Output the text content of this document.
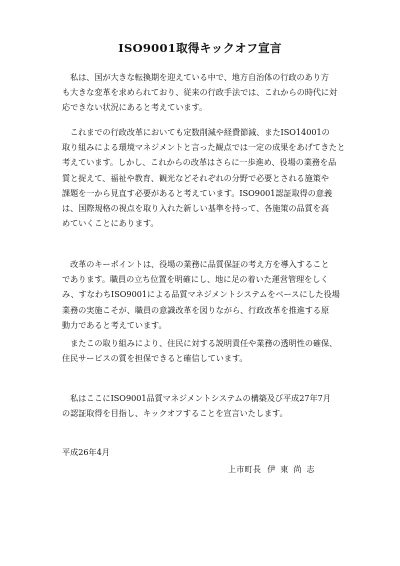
ISO9001取得キックオフ宣言
　私は、国が大きな転換期を迎えている中で、地方自治体の行政のあり方
も大きな変革を求められており、従来の行政手法では、これからの時代に対
応できない状況にあると考えています。
　これまでの行政改革においても定数削減や経費節減、またISO14001の
取り組みによる環境マネジメントと言った観点では一定の成果をあげてきたと
考えています。しかし、これからの改革はさらに一歩進め、役場の業務を品
質と捉えて、福祉や教育、観光などそれぞれの分野で必要とされる施策や
課題を一から見直す必要があると考えています。ISO9001認証取得の意義
は、国際規格の視点を取り入れた新しい基準を持って、各施策の品質を高
めていくことにあります。
　改革のキーポイントは、役場の業務に品質保証の考え方を導入すること
であります。職員の立ち位置を明確にし、地に足の着いた運営管理をしく
み、すなわちISO9001による品質マネジメントシステムをベースにした役場
業務の実施こそが、職員の意識改革を図りながら、行政改革を推進する原
動力であると考えています。
　またこの取り組みにより、住民に対する説明責任や業務の透明性の確保、
住民サービスの質を担保できると確信しています。
　私はここにISO9001品質マネジメントシステムの構築及び平成27年7月
の認証取得を目指し、キックオフすることを宣言いたします。
平成26年4月
上市町長 伊東尚志
